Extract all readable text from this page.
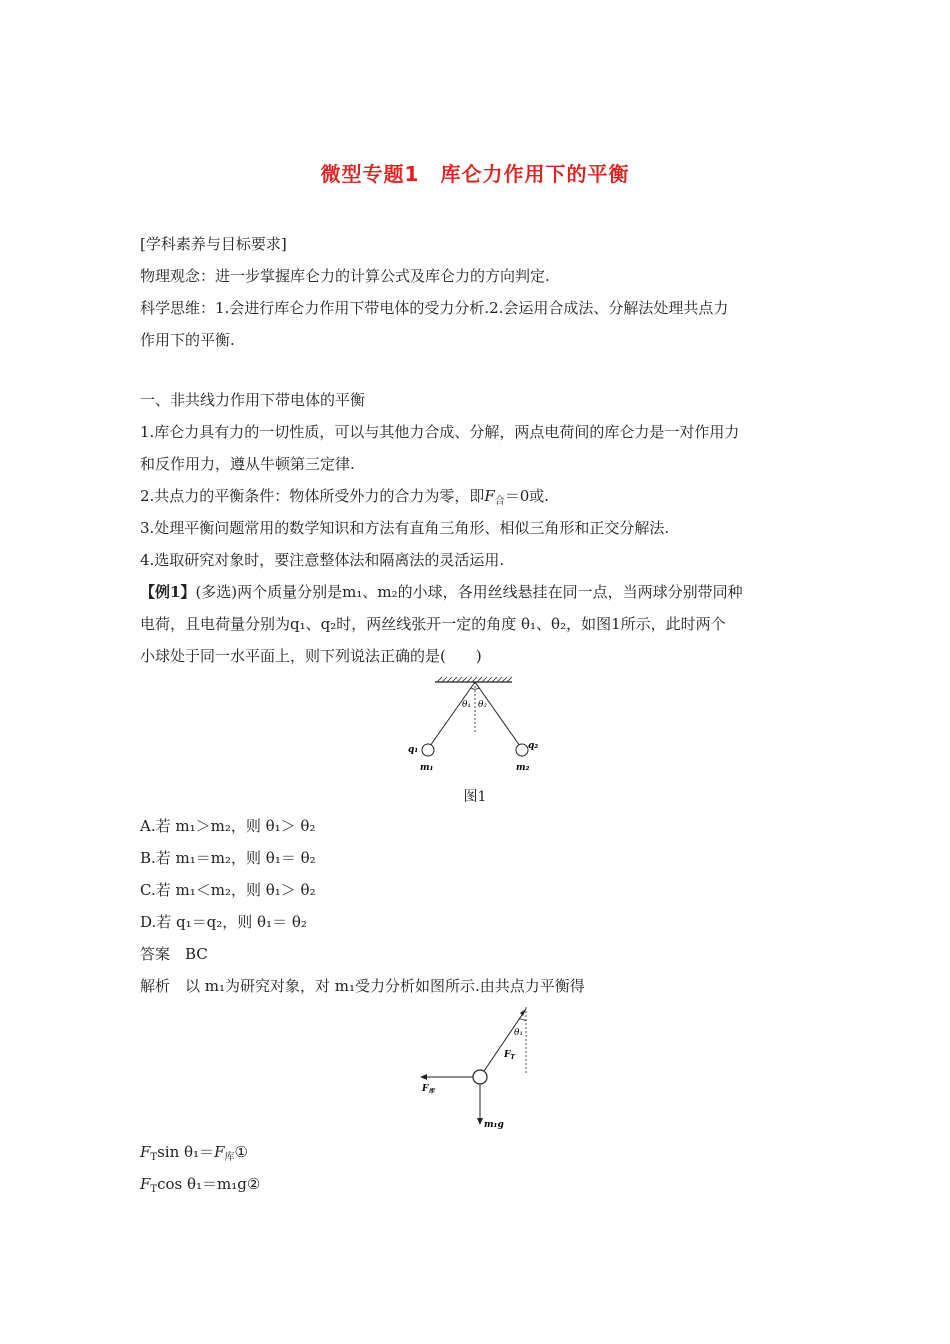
微型专题1　库仑力作用下的平衡
[学科素养与目标要求]
物理观念：进一步掌握库仑力的计算公式及库仑力的方向判定.
科学思维：1.会进行库仑力作用下带电体的受力分析.2.会运用合成法、分解法处理共点力
作用下的平衡.
一、非共线力作用下带电体的平衡
1.库仑力具有力的一切性质，可以与其他力合成、分解，两点电荷间的库仑力是一对作用力
和反作用力，遵从牛顿第三定律.
2.共点力的平衡条件：物体所受外力的合力为零，即$F_合=0$或.
3.处理平衡问题常用的数学知识和方法有直角三角形、相似三角形和正交分解法.
4.选取研究对象时，要注意整体法和隔离法的灵活运用.
【例1】(多选)两个质量分别是m₁、m₂的小球，各用丝线悬挂在同一点，当两球分别带同种
电荷，且电荷量分别为q₁、q₂时，两丝线张开一定的角度 θ₁、θ₂，如图1所示，此时两个
小球处于同一水平面上，则下列说法正确的是(　　)
θ₁ θ₂
q₁	q₂
m₁	m₂
图1
A.若 m₁＞m₂，则 θ₁＞ θ₂
B.若 m₁＝m₂，则 θ₁＝ θ₂
C.若 m₁＜m₂，则 θ₁＞ θ₂
D.若 q₁＝q₂，则 θ₁＝ θ₂
答案　BC
解析　以 m₁为研究对象，对 m₁受力分析如图所示.由共点力平衡得
θ₁
$F_T$
$F_库$
m₁g
$F_T\sin$ $\theta_1=F_库①$
$F_T\cos$ θ₁＝m₁g②
